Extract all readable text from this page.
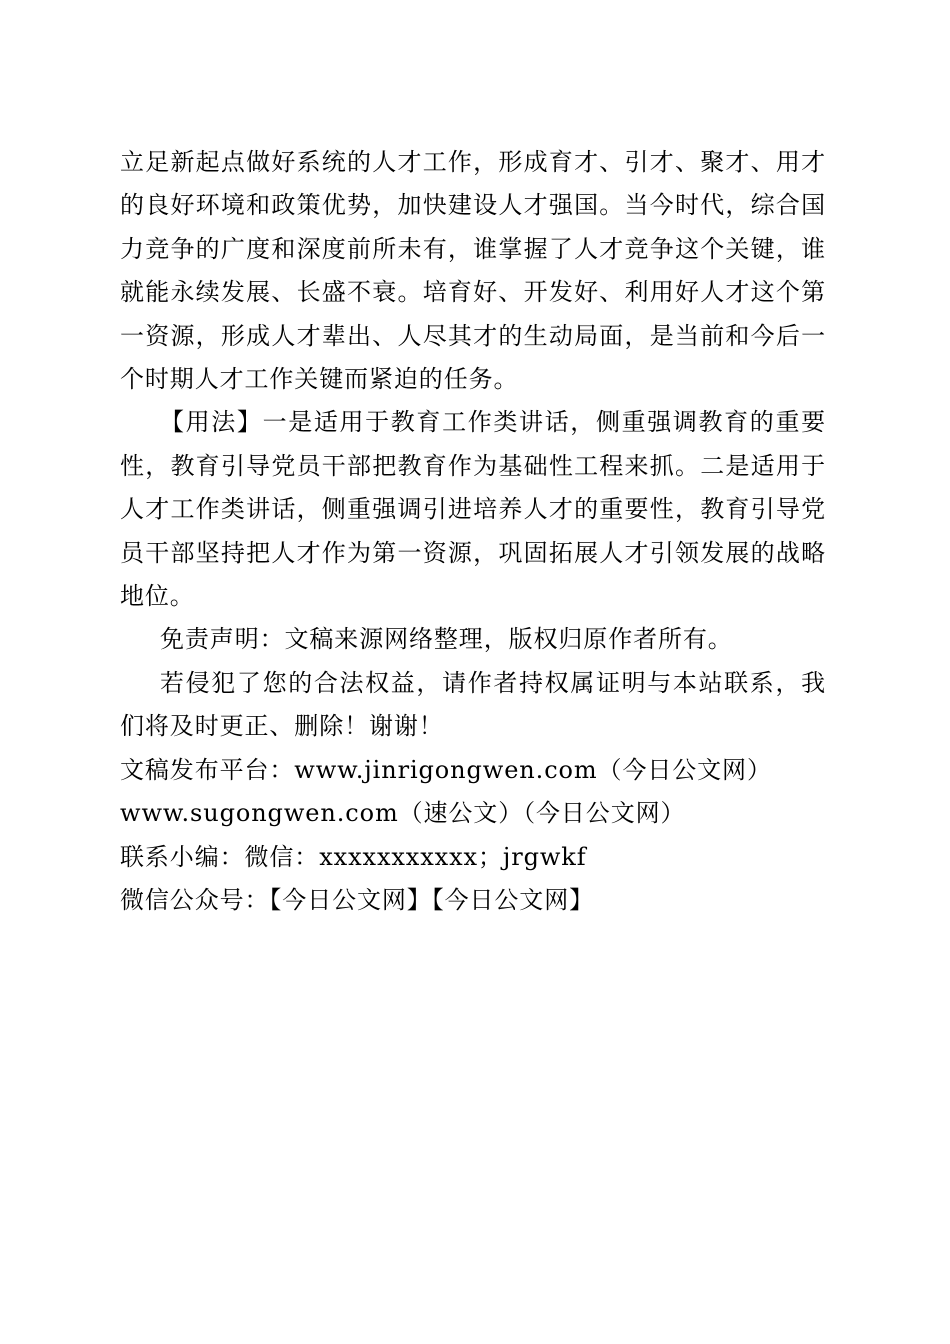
立足新起点做好系统的人才工作，形成育才、引才、聚才、用才的良好环境和政策优势，加快建设人才强国。当今时代，综合国力竞争的广度和深度前所未有，谁掌握了人才竞争这个关键，谁就能永续发展、长盛不衰。培育好、开发好、利用好人才这个第一资源，形成人才辈出、人尽其才的生动局面，是当前和今后一个时期人才工作关键而紧迫的任务。

【用法】一是适用于教育工作类讲话，侧重强调教育的重要性，教育引导党员干部把教育作为基础性工程来抓。二是适用于人才工作类讲话，侧重强调引进培养人才的重要性，教育引导党员干部坚持把人才作为第一资源，巩固拓展人才引领发展的战略地位。

免责声明：文稿来源网络整理，版权归原作者所有。

若侵犯了您的合法权益，请作者持权属证明与本站联系，我们将及时更正、删除！谢谢！

文稿发布平台：www.jinrigongwen.com（今日公文网）

www.sugongwen.com（速公文）（今日公文网）

联系小编：微信：xxxxxxxxxxx；jrgwkf

微信公众号：【今日公文网】【今日公文网】
